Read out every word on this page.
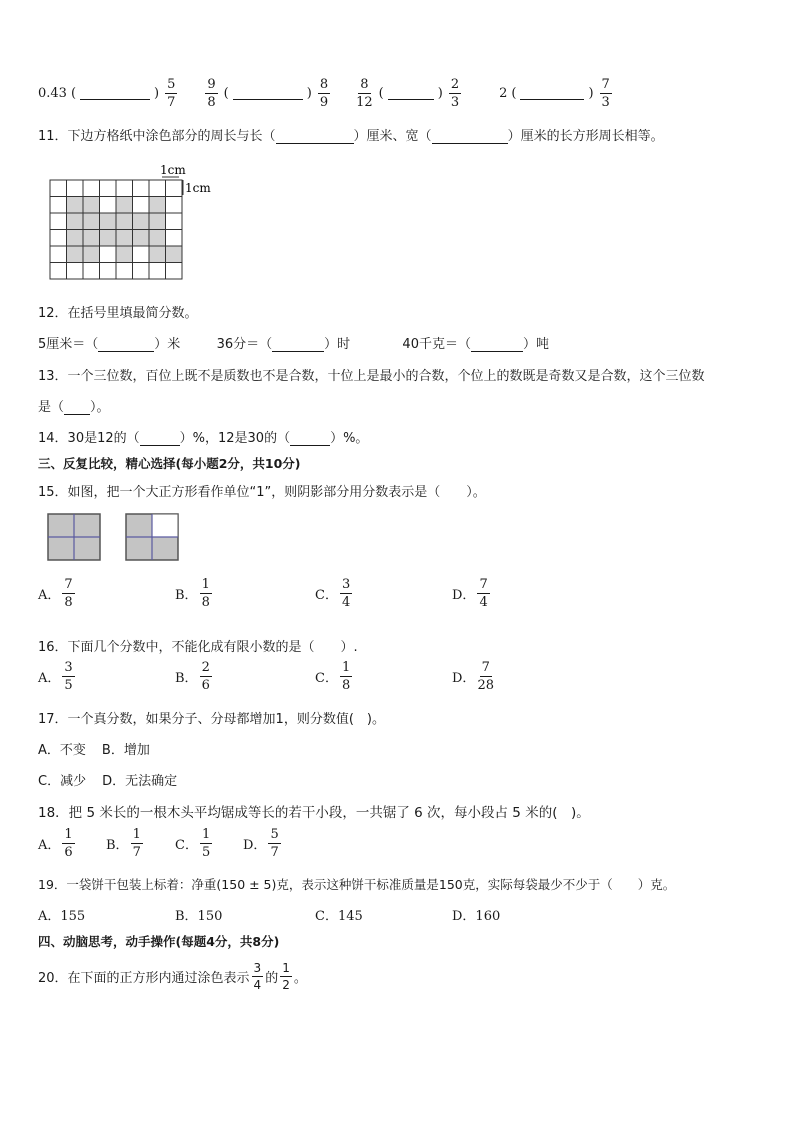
0.43 (	) $\frac{5}{7} \frac{9}{8}$ (	) $\frac{8}{9} \frac{8}{12}$ (	) $\frac{2}{3}$	2 (	) $\frac{7}{3}$
11．下边方格纸中涂色部分的周长与长（	）厘米、宽（	）厘米的长方形周长相等。
1cm
1cm
12．在括号里填最简分数。
5厘米＝（	）米	36分＝（	）时	40千克＝（	）吨
13．一个三位数，百位上既不是质数也不是合数，十位上是最小的合数，个位上的数既是奇数又是合数，这个三位数
是（ ）。
14．30是12的（	）%，12是30的（	）%。
三、反复比较，精心选择(每小题2分，共10分)
15．如图，把一个大正方形看作单位“1”，则阴影部分用分数表示是（　　）。
A． $\frac{7}{8}$	B． $\frac{1}{8}$	C． $\frac{3}{4}$	D． $\frac{7}{4}$
16．下面几个分数中，不能化成有限小数的是（　　）.
A． $\frac{3}{5}$	B． $\frac{2}{6}$	C． $\frac{1}{8}$	D． $\frac{7}{28}$
17．一个真分数，如果分子、分母都增加1，则分数值(　)。
A．不变 B．增加
C．减少 D．无法确定
18．把 5 米长的一根木头平均锯成等长的若干小段，一共锯了 6 次，每小段占 5 米的(　)。
A． $\frac{1}{6}$ B． $\frac{1}{7}$ C． $\frac{1}{5}$ D． $\frac{5}{7}$
19．一袋饼干包装上标着：净重(150 ± 5)克，表示这种饼干标准质量是150克，实际每袋最少不少于（　　）克。
A．155	B．150	C．145	D．160
四、动脑思考，动手操作(每题4分，共8分)
20．在下面的正方形内通过涂色表示 $\frac{3}{4}$ 的 $\frac{1}{2}$ 。
